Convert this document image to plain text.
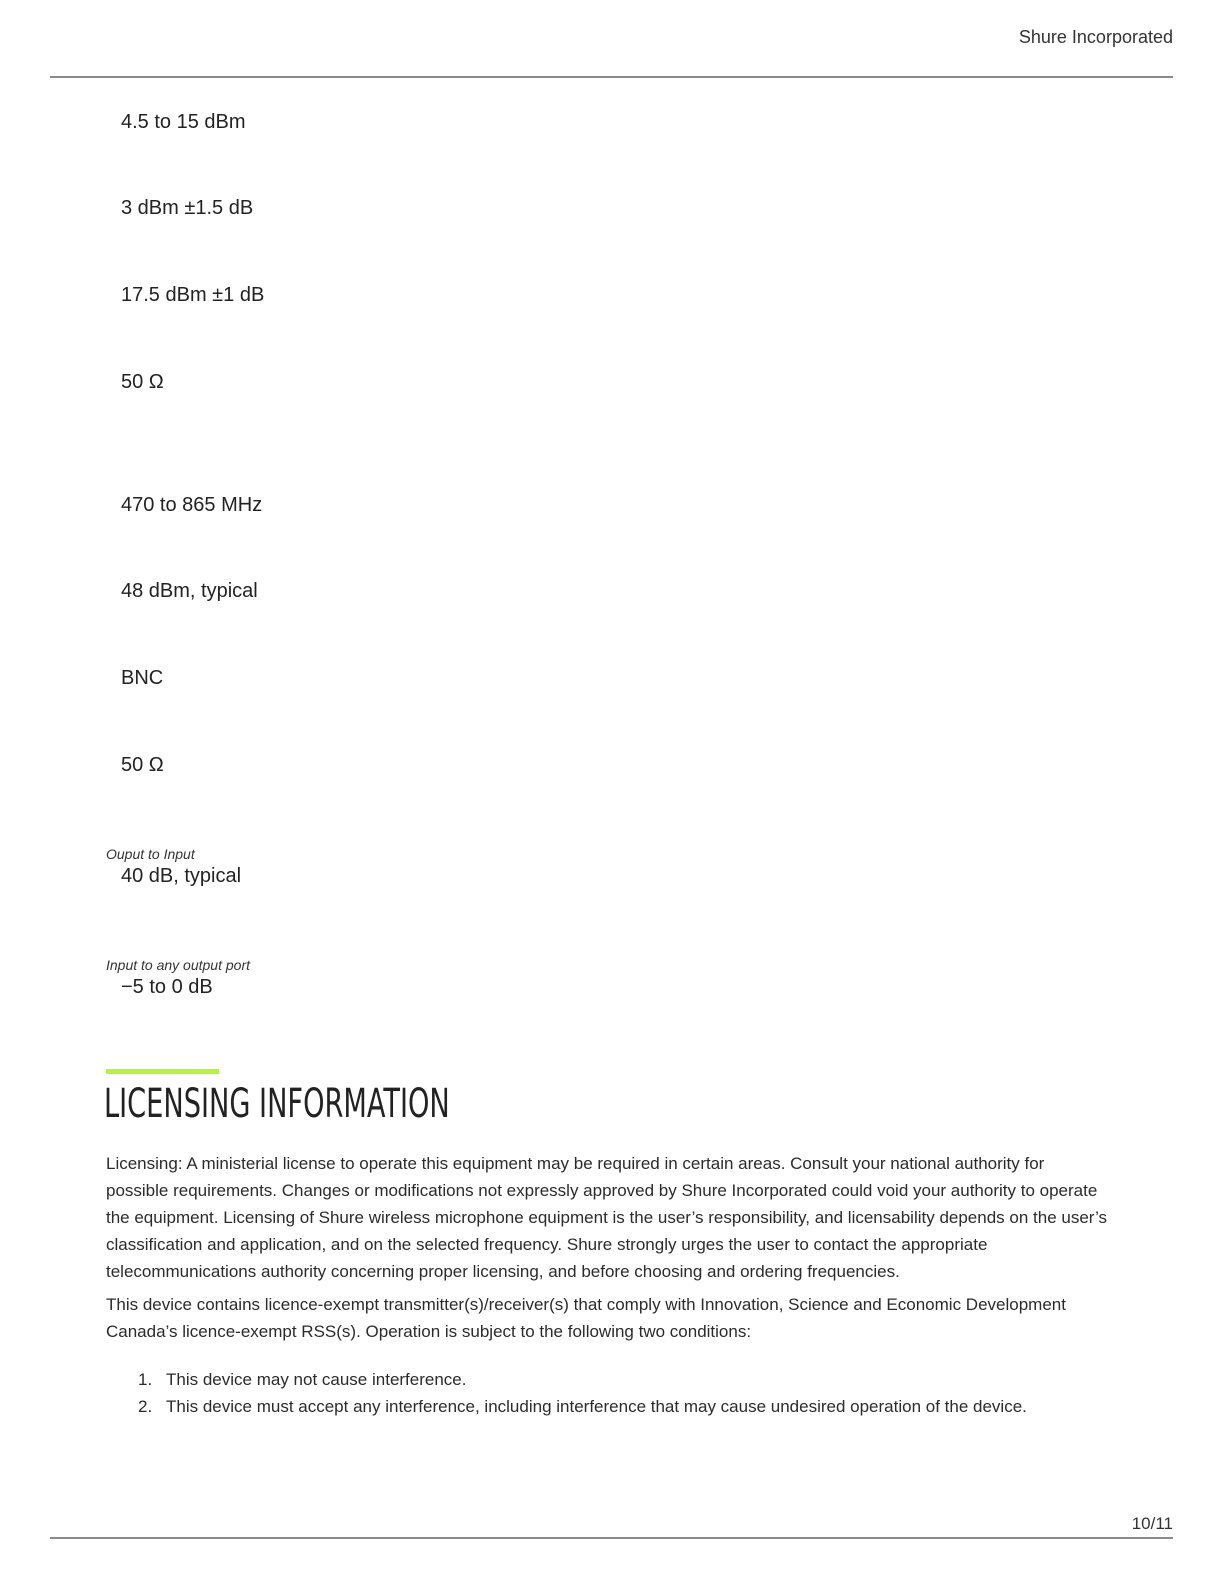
Shure Incorporated
4.5 to 15 dBm
3 dBm ±1.5 dB
17.5 dBm ±1 dB
50 Ω
470 to 865 MHz
48 dBm, typical
BNC
50 Ω
Ouput to Input
40 dB, typical
Input to any output port
−5 to 0 dB
LICENSING INFORMATION

Licensing: A ministerial license to operate this equipment may be required in certain areas. Consult your national authority for possible requirements. Changes or modifications not expressly approved by Shure Incorporated could void your authority to operate the equipment. Licensing of Shure wireless microphone equipment is the user’s responsibility, and licensability depends on the user’s classification and application, and on the selected frequency. Shure strongly urges the user to contact the appropriate telecommunications authority concerning proper licensing, and before choosing and ordering frequencies.

This device contains licence-exempt transmitter(s)/receiver(s) that comply with Innovation, Science and Economic Development Canada’s licence-exempt RSS(s). Operation is subject to the following two conditions:

1. This device may not cause interference.
2. This device must accept any interference, including interference that may cause undesired operation of the device.
10/11
